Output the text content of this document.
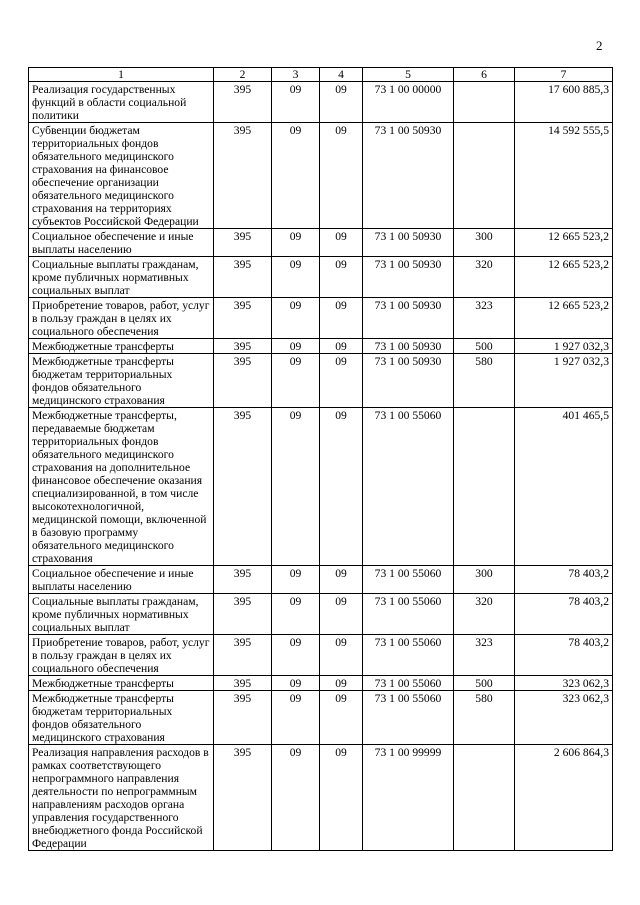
2
1	2	3	4	5	6	7
Реализация государственных функций в области социальной политики	395	09	09	73 1 00 00000		17 600 885,3
Субвенции бюджетам территориальных фондов обязательного медицинского страхования на финансовое обеспечение организации обязательного медицинского страхования на территориях субъектов Российской Федерации	395	09	09	73 1 00 50930		14 592 555,5
Социальное обеспечение и иные выплаты населению	395	09	09	73 1 00 50930	300	12 665 523,2
Социальные выплаты гражданам, кроме публичных нормативных социальных выплат	395	09	09	73 1 00 50930	320	12 665 523,2
Приобретение товаров, работ, услуг в пользу граждан в целях их социального обеспечения	395	09	09	73 1 00 50930	323	12 665 523,2
Межбюджетные трансферты	395	09	09	73 1 00 50930	500	1 927 032,3
Межбюджетные трансферты бюджетам территориальных фондов обязательного медицинского страхования	395	09	09	73 1 00 50930	580	1 927 032,3
Межбюджетные трансферты, передаваемые бюджетам территориальных фондов обязательного медицинского страхования на дополнительное финансовое обеспечение оказания специализированной, в том числе высокотехнологичной, медицинской помощи, включенной в базовую программу обязательного медицинского страхования	395	09	09	73 1 00 55060		401 465,5
Социальное обеспечение и иные выплаты населению	395	09	09	73 1 00 55060	300	78 403,2
Социальные выплаты гражданам, кроме публичных нормативных социальных выплат	395	09	09	73 1 00 55060	320	78 403,2
Приобретение товаров, работ, услуг в пользу граждан в целях их социального обеспечения	395	09	09	73 1 00 55060	323	78 403,2
Межбюджетные трансферты	395	09	09	73 1 00 55060	500	323 062,3
Межбюджетные трансферты бюджетам территориальных фондов обязательного медицинского страхования	395	09	09	73 1 00 55060	580	323 062,3
Реализация направления расходов в рамках соответствующего непрограммного направления деятельности по непрограммным направлениям расходов органа управления государственного внебюджетного фонда Российской Федерации	395	09	09	73 1 00 99999		2 606 864,3
